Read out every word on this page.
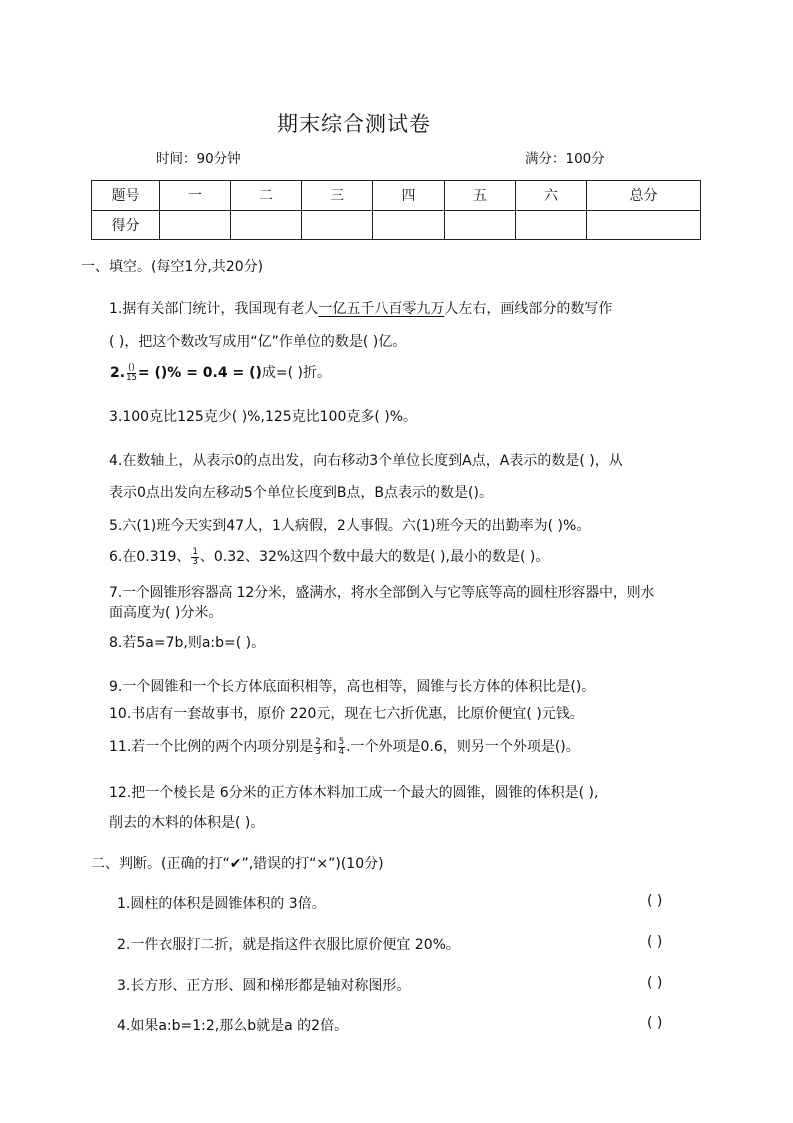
期末综合测试卷
时间：90分钟	满分：100分
题号	一	二	三	四	五	六	总分
得分							
一、填空。(每空1分,共20分)
1.据有关部门统计，我国现有老人一亿五千八百零九万人左右，画线部分的数写作
( )，把这个数改写成用“亿”作单位的数是( )亿。
2. $\frac{()}{15}$ = ()% = 0.4 = ()成=( )折。
3.100克比125克少( )%,125克比100克多( )%。
4.在数轴上，从表示0的点出发，向右移动3个单位长度到A点，A表示的数是( )，从
表示0点出发向左移动5个单位长度到B点，B点表示的数是()。
5.六(1)班今天实到47人，1人病假，2人事假。六(1)班今天的出勤率为( )%。
6.在0.319、 $\frac{1}{3}$ 、0.32、32%这四个数中最大的数是( ),最小的数是( )。
7.一个圆锥形容器高 12分米，盛满水，将水全部倒入与它等底等高的圆柱形容器中，则水
面高度为( )分米。
8.若5a=7b,则a:b=( )。
9.一个圆锥和一个长方体底面积相等，高也相等，圆锥与长方体的体积比是()。
10.书店有一套故事书，原价 220元，现在七六折优惠，比原价便宜( )元钱。
11.若一个比例的两个内项分别是 $\frac{2}{3}$ 和 $\frac{5}{4}$ .一个外项是0.6，则另一个外项是()。
12.把一个棱长是 6分米的正方体木料加工成一个最大的圆锥，圆锥的体积是( ),
削去的木料的体积是( )。
二、判断。(正确的打“✔”,错误的打“×”)(10分)
1.圆柱的体积是圆锥体积的 3倍。	( )
2.一件衣服打二折，就是指这件衣服比原价便宜 20%。	( )
3.长方形、正方形、圆和梯形都是轴对称图形。	( )
4.如果a:b=1:2,那么b就是a 的2倍。	( )
